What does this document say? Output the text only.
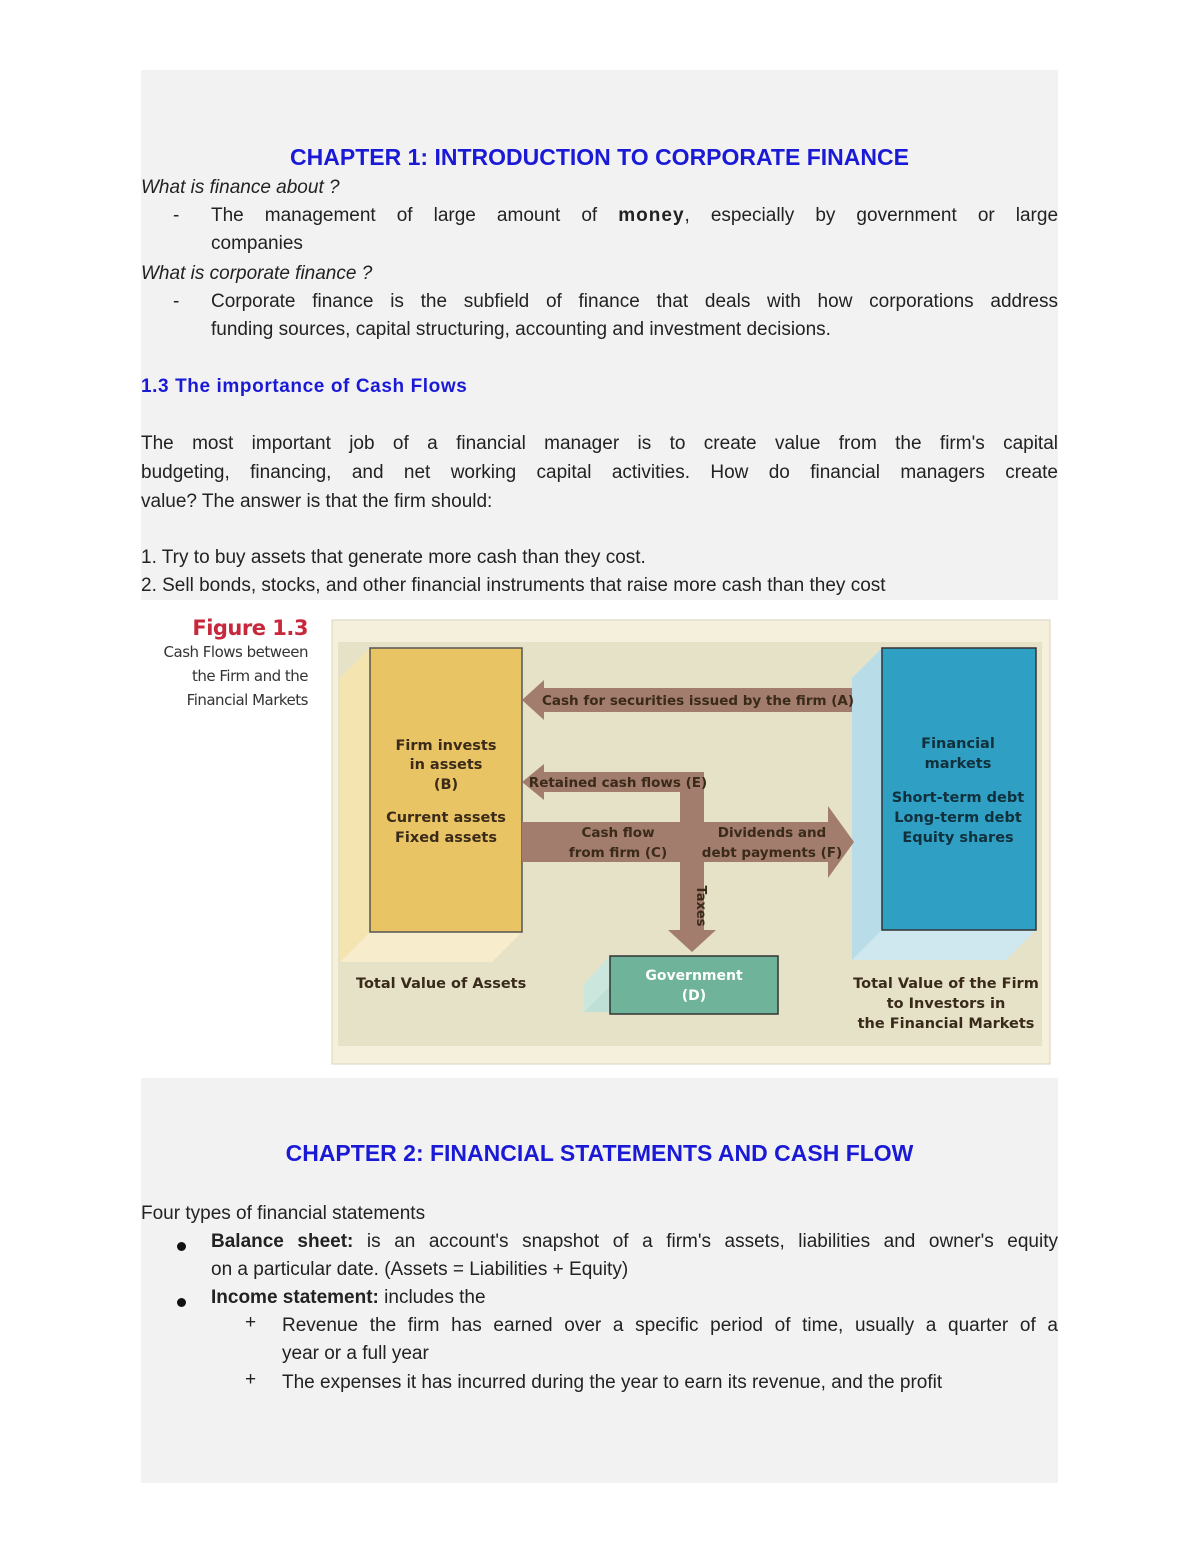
CHAPTER 1: INTRODUCTION TO CORPORATE FINANCE
What is finance about ?
- The management of large amount of money, especially by government or large
companies
What is corporate finance ?
- Corporate finance is the subfield of finance that deals with how corporations address
funding sources, capital structuring, accounting and investment decisions.
1.3 The importance of Cash Flows
The most important job of a financial manager is to create value from the firm's capital
budgeting, financing, and net working capital activities. How do financial managers create
value? The answer is that the firm should:
1. Try to buy assets that generate more cash than they cost.
2. Sell bonds, stocks, and other financial instruments that raise more cash than they cost
Figure 1.3
Cash Flows between
the Firm and the
Financial Markets
Firm invests
in assets
(B)
Current assets
Fixed assets
Financial
markets
Short-term debt
Long-term debt
Equity shares
Cash for securities issued by the firm (A)
Retained cash flows (E)
Cash flow
from firm (C)
Dividends and
debt payments (F)
Taxes
Government
(D)
Total Value of Assets	Total Value of the Firm
to Investors in
the Financial Markets
CHAPTER 2: FINANCIAL STATEMENTS AND CASH FLOW
Four types of financial statements
Balance sheet: is an account's snapshot of a firm's assets, liabilities and owner's equity
on a particular date. (Assets = Liabilities + Equity)
Income statement: includes the
+ Revenue the firm has earned over a specific period of time, usually a quarter of a
year or a full year
+ The expenses it has incurred during the year to earn its revenue, and the profit
